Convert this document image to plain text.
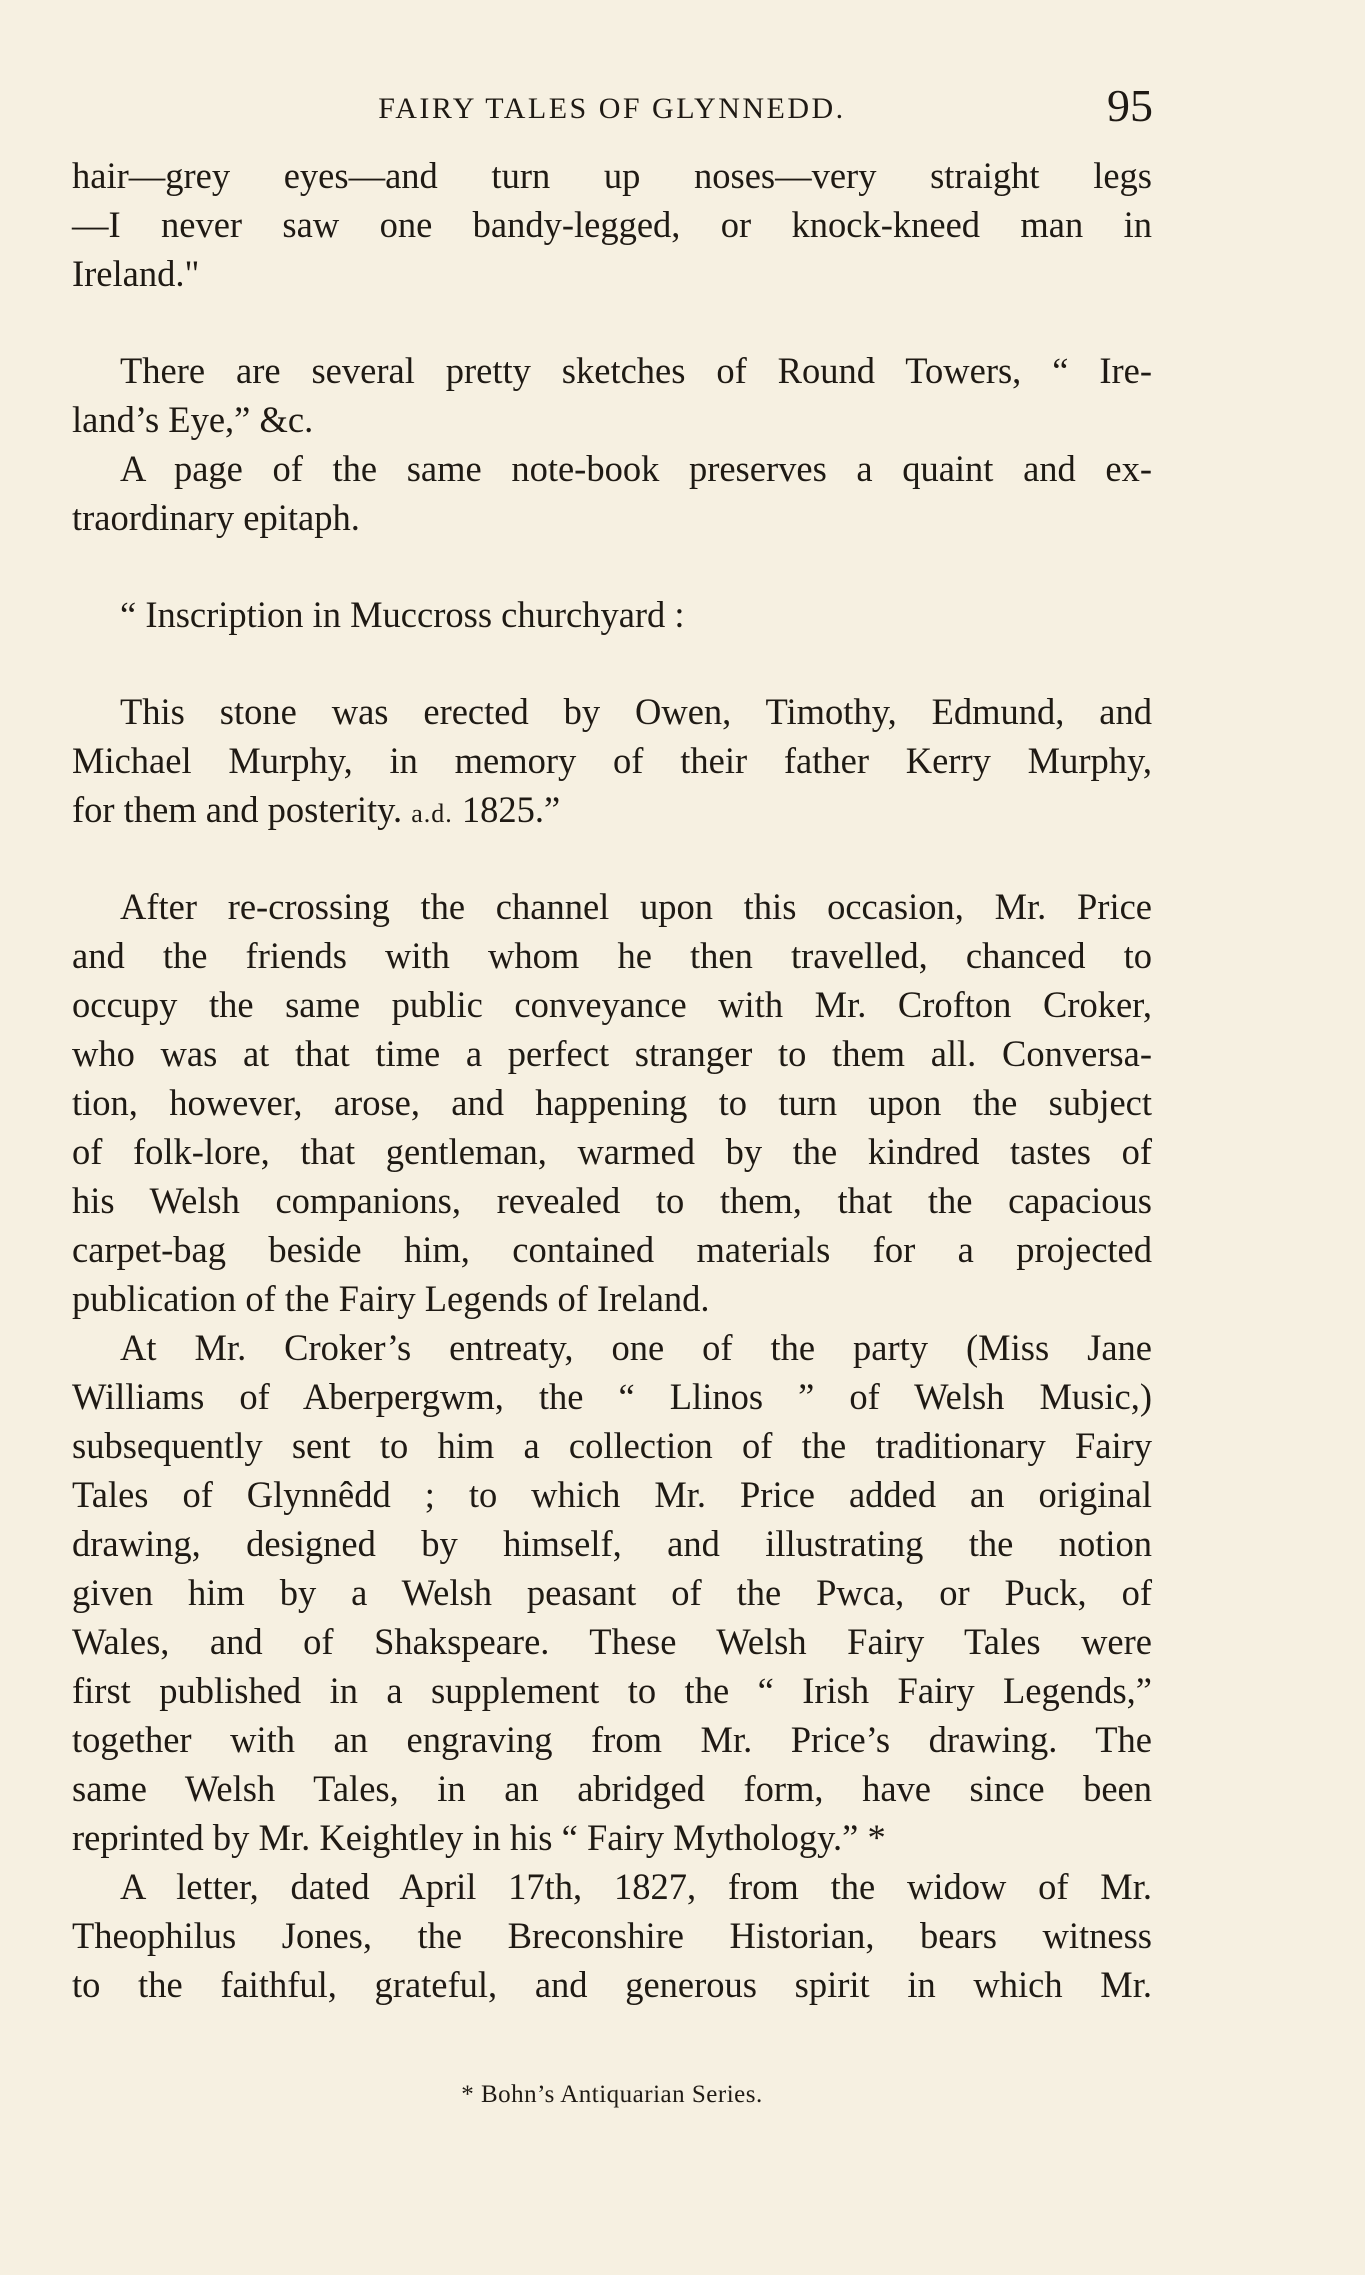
FAIRY TALES OF GLYNNEDD.	95
hair—grey eyes—and turn up noses—very straight legs
—I never saw one bandy-legged, or knock-kneed man in
Ireland."
There are several pretty sketches of Round Towers, “ Ire-
land’s Eye,” &c.
A page of the same note-book preserves a quaint and ex-
traordinary epitaph.
“ Inscription in Muccross churchyard :
This stone was erected by Owen, Timothy, Edmund, and
Michael Murphy, in memory of their father Kerry Murphy,
for them and posterity. a.d. 1825.”
After re-crossing the channel upon this occasion, Mr. Price
and the friends with whom he then travelled, chanced to
occupy the same public conveyance with Mr. Crofton Croker,
who was at that time a perfect stranger to them all. Conversa-
tion, however, arose, and happening to turn upon the subject
of folk-lore, that gentleman, warmed by the kindred tastes of
his Welsh companions, revealed to them, that the capacious
carpet-bag beside him, contained materials for a projected
publication of the Fairy Legends of Ireland.
At Mr. Croker’s entreaty, one of the party (Miss Jane
Williams of Aberpergwm, the “ Llinos ” of Welsh Music,)
subsequently sent to him a collection of the traditionary Fairy
Tales of Glynnêdd ; to which Mr. Price added an original
drawing, designed by himself, and illustrating the notion
given him by a Welsh peasant of the Pwca, or Puck, of
Wales, and of Shakspeare. These Welsh Fairy Tales were
first published in a supplement to the “ Irish Fairy Legends,”
together with an engraving from Mr. Price’s drawing. The
same Welsh Tales, in an abridged form, have since been
reprinted by Mr. Keightley in his “ Fairy Mythology.” *
A letter, dated April 17th, 1827, from the widow of Mr.
Theophilus Jones, the Breconshire Historian, bears witness
to the faithful, grateful, and generous spirit in which Mr.
* Bohn’s Antiquarian Series.
